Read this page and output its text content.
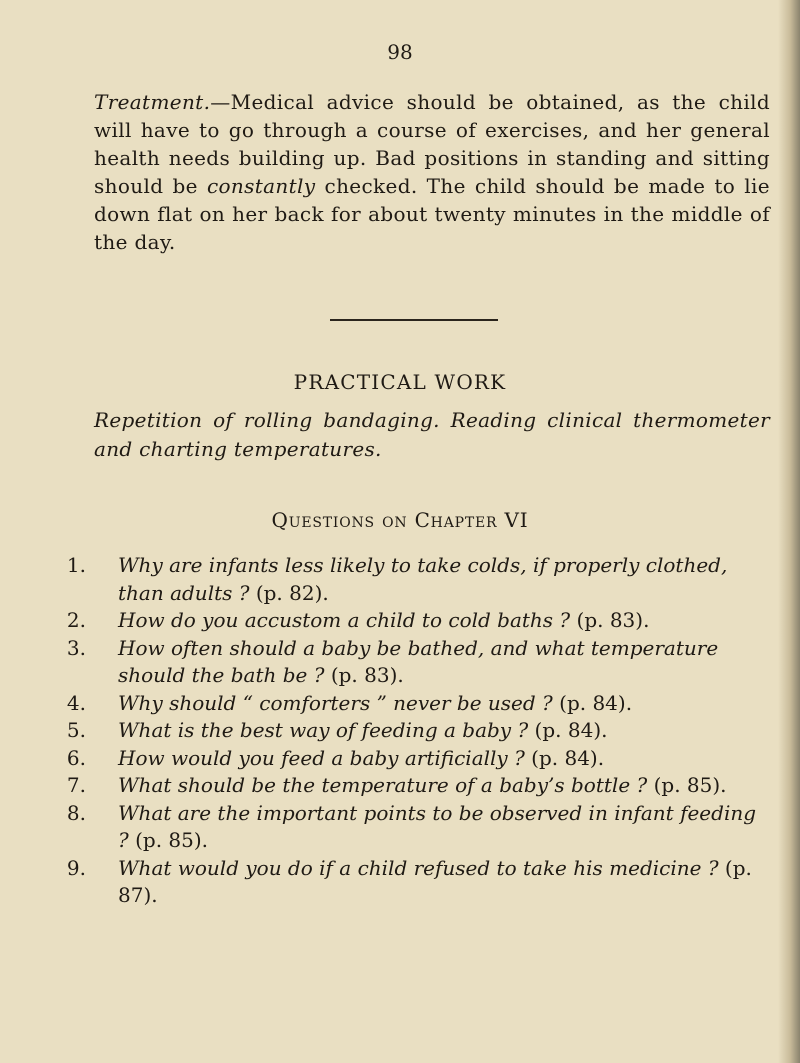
98

Treatment.—Medical advice should be obtained, as the child will have to go through a course of exercises, and her general health needs building up. Bad positions in standing and sitting should be constantly checked. The child should be made to lie down flat on her back for about twenty minutes in the middle of the day.

PRACTICAL WORK

Repetition of rolling bandaging. Reading clinical thermometer and charting temperatures.

Questions on Chapter VI
1. Why are infants less likely to take colds, if properly clothed, than adults ? (p. 82).
2. How do you accustom a child to cold baths ? (p. 83).
3. How often should a baby be bathed, and what temperature should the bath be ? (p. 83).
4. Why should “ comforters ” never be used ? (p. 84).
5. What is the best way of feeding a baby ? (p. 84).
6. How would you feed a baby artificially ? (p. 84).
7. What should be the temperature of a baby’s bottle ? (p. 85).
8. What are the important points to be observed in infant feeding ? (p. 85).
9. What would you do if a child refused to take his medicine ? (p. 87).
